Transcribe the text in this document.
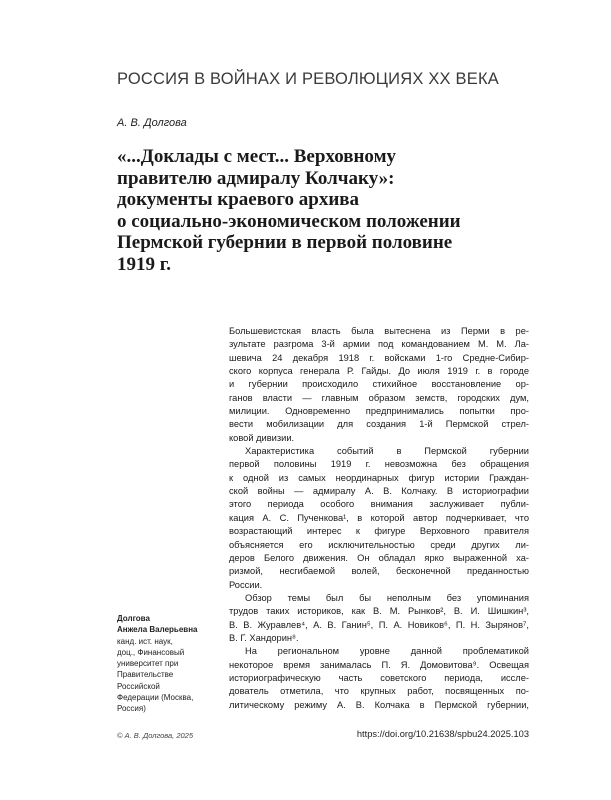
РОССИЯ В ВОЙНАХ И РЕВОЛЮЦИЯХ XX ВЕКА
А. В. Долгова
«...Доклады с мест... Верховному
правителю адмиралу Колчаку»:
документы краевого архива
о социально-экономическом положении
Пермской губернии в первой половине
1919 г.

Большевистская власть была вытеснена из Перми в ре-
зультате разгрома 3-й армии под командованием М. М. Ла-
шевича 24 декабря 1918 г. войсками 1-го Средне-Сибир-
ского корпуса генерала Р. Гайды. До июля 1919 г. в городе
и губернии происходило стихийное восстановление ор-
ганов власти — главным образом земств, городских дум,
милиции. Одновременно предпринимались попытки про-
вести мобилизации для создания 1-й Пермской стрел-
ковой дивизии.

Характеристика событий в Пермской губернии
первой половины 1919 г. невозможна без обращения
к одной из самых неординарных фигур истории Граждан-
ской войны — адмиралу А. В. Колчаку. В историографии
этого периода особого внимания заслуживает публи-
кация А. С. Пученкова¹, в которой автор подчеркивает, что
возрастающий интерес к фигуре Верховного правителя
объясняется его исключительностью среди других ли-
деров Белого движения. Он обладал ярко выраженной ха-
ризмой, несгибаемой волей, бесконечной преданностью
России.

Обзор темы был бы неполным без упоминания
трудов таких историков, как В. М. Рынков², В. И. Шишкин³,
В. В. Журавлев⁴, А. В. Ганин⁵, П. А. Новиков⁶, П. Н. Зырянов⁷,
В. Г. Хандорин⁸.

На региональном уровне данной проблематикой
некоторое время занималась П. Я. Домовитова⁹. Освещая
историографическую часть советского периода, иссле-
дователь отметила, что крупных работ, посвященных по-
литическому режиму А. В. Колчака в Пермской губернии,

Долгова
Анжела Валерьевна
канд. ист. наук,
доц., Финансовый
университет при
Правительстве
Российской
Федерации (Москва,
Россия)
© А. В. Долгова, 2025	https://doi.org/10.21638/spbu24.2025.103
